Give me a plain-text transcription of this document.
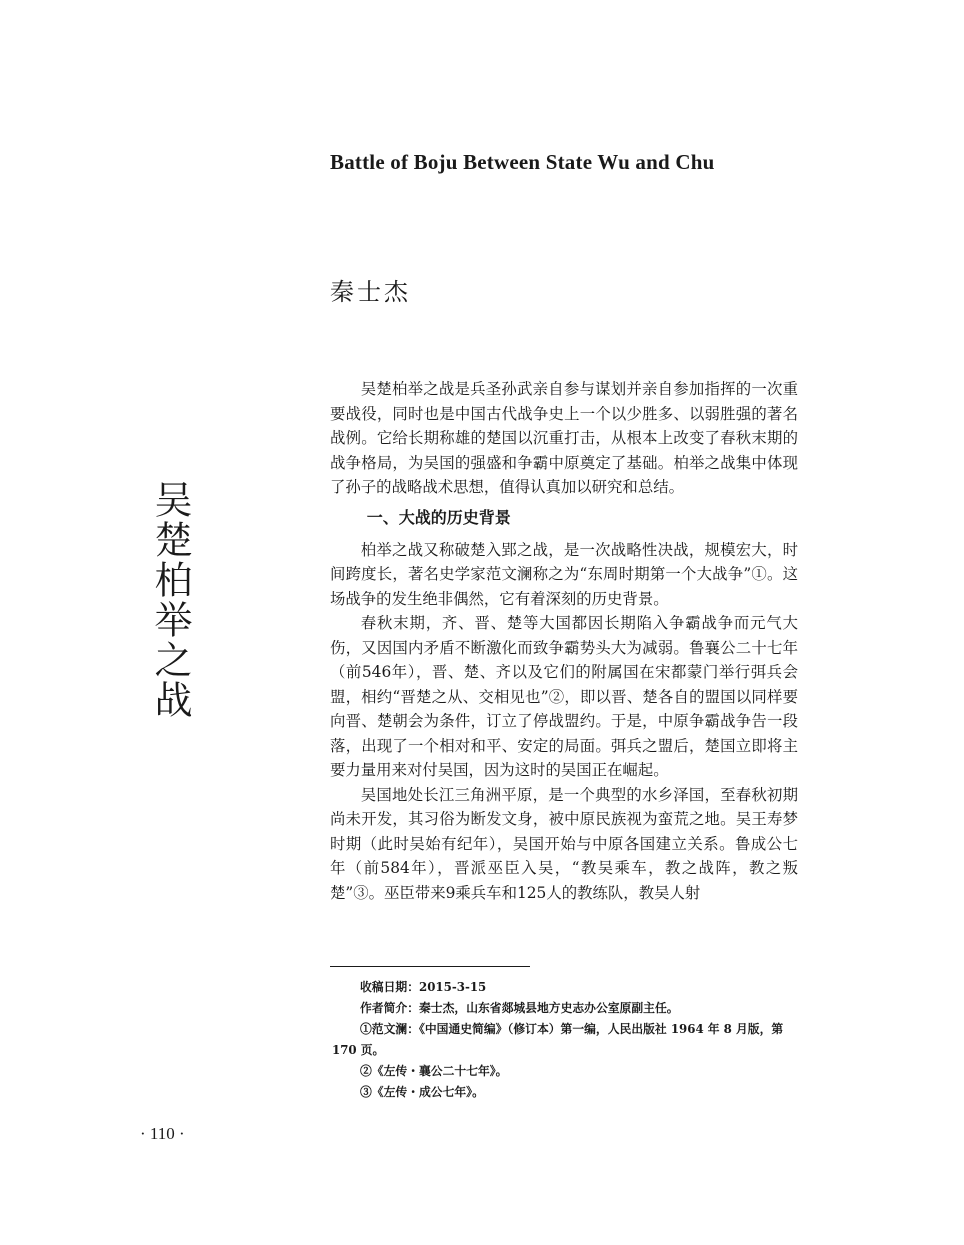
Battle of Boju Between State Wu and Chu
秦士杰
吴楚柏举之战

吴楚柏举之战是兵圣孙武亲自参与谋划并亲自参加指挥的一次重要战役，同时也是中国古代战争史上一个以少胜多、以弱胜强的著名战例。它给长期称雄的楚国以沉重打击，从根本上改变了春秋末期的战争格局，为吴国的强盛和争霸中原奠定了基础。柏举之战集中体现了孙子的战略战术思想，值得认真加以研究和总结。

一、大战的历史背景

柏举之战又称破楚入郢之战，是一次战略性决战，规模宏大，时间跨度长，著名史学家范文澜称之为“东周时期第一个大战争”①。这场战争的发生绝非偶然，它有着深刻的历史背景。

春秋末期，齐、晋、楚等大国都因长期陷入争霸战争而元气大伤，又因国内矛盾不断激化而致争霸势头大为减弱。鲁襄公二十七年（前546年），晋、楚、齐以及它们的附属国在宋都蒙门举行弭兵会盟，相约“晋楚之从、交相见也”②，即以晋、楚各自的盟国以同样要向晋、楚朝会为条件，订立了停战盟约。于是，中原争霸战争告一段落，出现了一个相对和平、安定的局面。弭兵之盟后，楚国立即将主要力量用来对付吴国，因为这时的吴国正在崛起。

吴国地处长江三角洲平原，是一个典型的水乡泽国，至春秋初期尚未开发，其习俗为断发文身，被中原民族视为蛮荒之地。吴王寿梦时期（此时吴始有纪年），吴国开始与中原各国建立关系。鲁成公七年（前584年），晋派巫臣入吴，“教吴乘车，教之战阵，教之叛楚”③。巫臣带来9乘兵车和125人的教练队，教吴人射

收稿日期：2015-3-15
作者简介：秦士杰，山东省郯城县地方史志办公室原副主任。
①范文澜：《中国通史简编》（修订本）第一编，人民出版社 1964 年 8 月版，第
170 页。
②《左传・襄公二十七年》。
③《左传・成公七年》。
· 110 ·
